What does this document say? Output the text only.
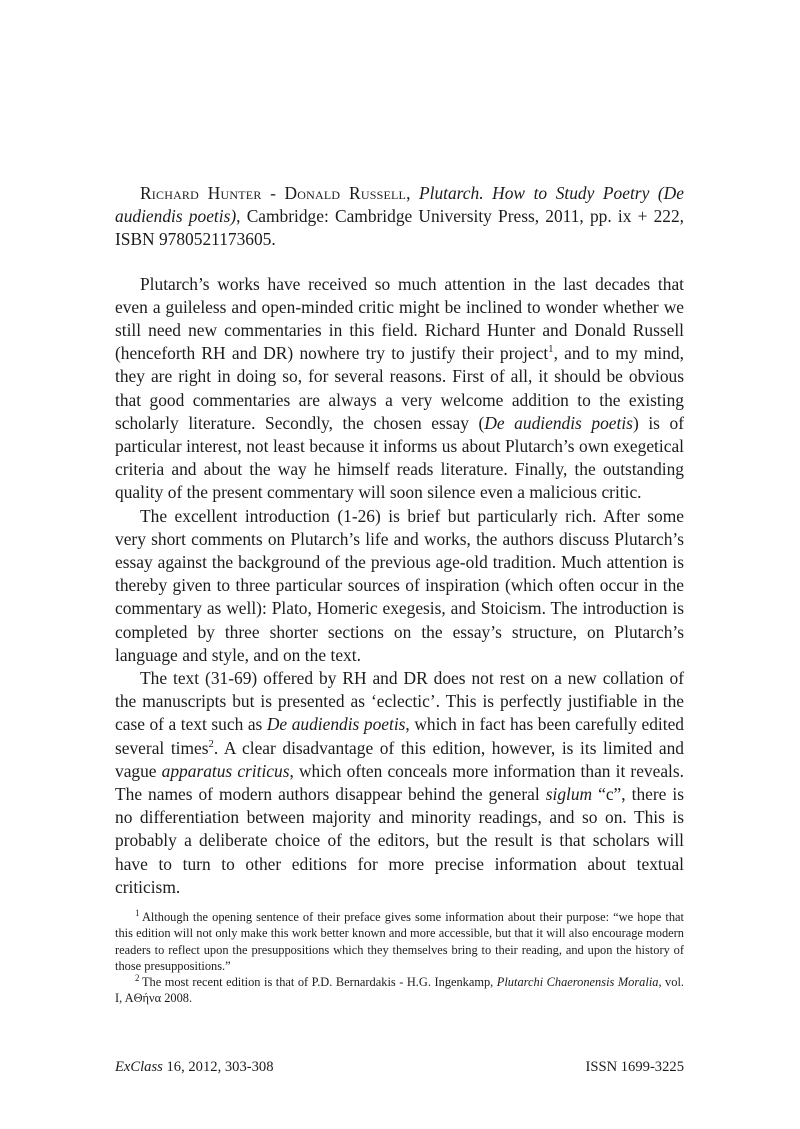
Richard Hunter - Donald Russell, Plutarch. How to Study Poetry (De audiendis poetis), Cambridge: Cambridge University Press, 2011, pp. ix + 222, ISBN 9780521173605.

Plutarch’s works have received so much attention in the last decades that even a guileless and open-minded critic might be inclined to wonder whether we still need new commentaries in this field. Richard Hunter and Donald Russell (henceforth RH and DR) nowhere try to justify their project$^1$, and to my mind, they are right in doing so, for several reasons. First of all, it should be obvious that good commentaries are always a very welcome addition to the existing scholarly literature. Secondly, the chosen essay (De audiendis poetis) is of particular interest, not least because it informs us about Plutarch’s own exegetical criteria and about the way he himself reads literature. Finally, the outstanding quality of the present commentary will soon silence even a malicious critic.

The excellent introduction (1-26) is brief but particularly rich. After some very short comments on Plutarch’s life and works, the authors discuss Plutarch’s essay against the background of the previous age-old tradition. Much attention is thereby given to three particular sources of inspiration (which often occur in the commentary as well): Plato, Homeric exegesis, and Stoicism. The introduction is completed by three shorter sections on the essay’s structure, on Plutarch’s language and style, and on the text.

The text (31-69) offered by RH and DR does not rest on a new collation of the manuscripts but is presented as ‘eclectic’. This is perfectly justifiable in the case of a text such as De audiendis poetis, which in fact has been carefully edited several times$^2$. A clear disadvantage of this edition, however, is its limited and vague apparatus criticus, which often conceals more information than it reveals. The names of modern authors disappear behind the general siglum “c”, there is no differentiation between majority and minority readings, and so on. This is probably a deliberate choice of the editors, but the result is that scholars will have to turn to other editions for more precise information about textual criticism.

$^1$ Although the opening sentence of their preface gives some information about their purpose: “we hope that this edition will not only make this work better known and more accessible, but that it will also encourage modern readers to reflect upon the presuppositions which they themselves bring to their reading, and upon the history of those presuppositions.”

$^2$ The most recent edition is that of P.D. Bernardakis - H.G. Ingenkamp, Plutarchi Chaeronensis Moralia, vol. I, AΘήνα 2008.

ExClass 16, 2012, 303-308	ISSN 1699-3225
